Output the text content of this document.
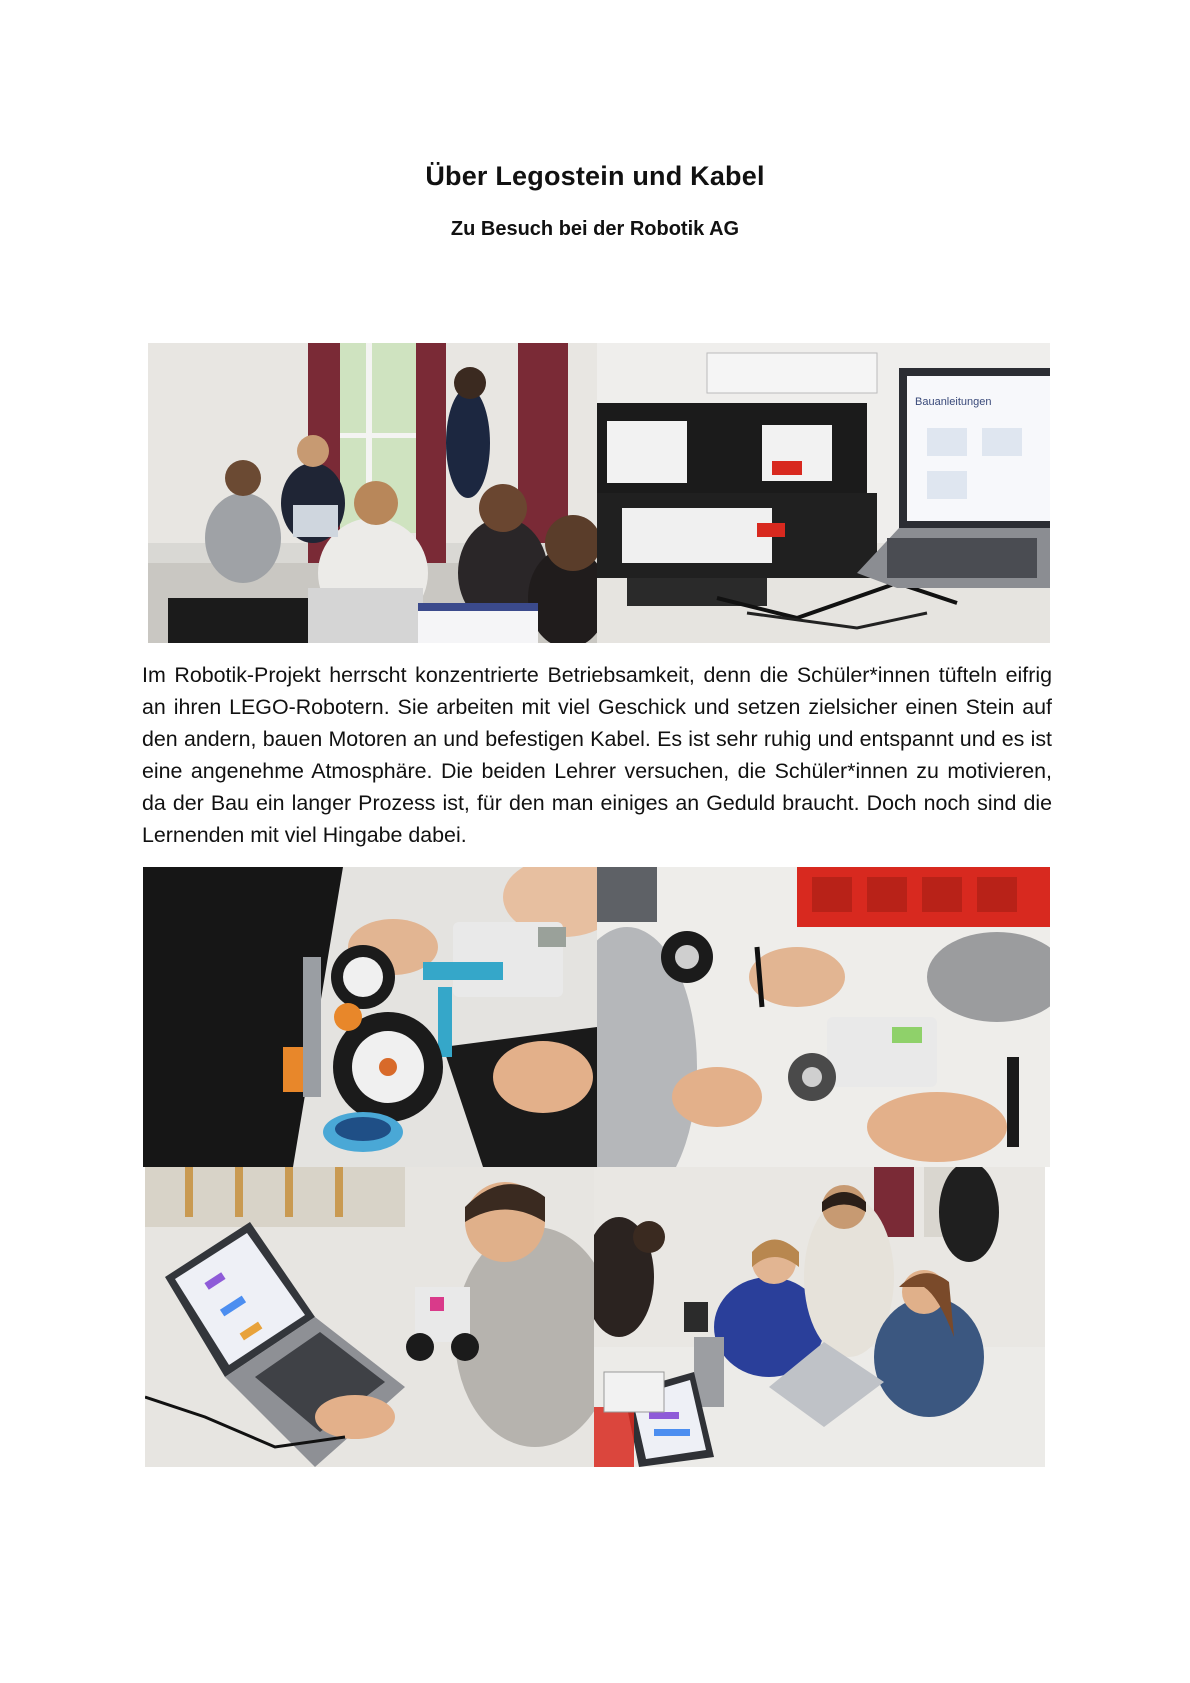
Über Legostein und Kabel
Zu Besuch bei der Robotik AG
Bauanleitungen

Im Robotik-Projekt herrscht konzentrierte Betriebsamkeit, denn die Schüler*innen tüfteln eifrig an ihren LEGO-Robotern. Sie arbeiten mit viel Geschick und setzen zielsicher einen Stein auf den andern, bauen Motoren an und befestigen Kabel. Es ist sehr ruhig und entspannt und es ist eine angenehme Atmosphäre. Die beiden Lehrer versuchen, die Schüler*innen zu motivieren, da der Bau ein langer Prozess ist, für den man einiges an Geduld braucht. Doch noch sind die Lernenden mit viel Hingabe dabei.
